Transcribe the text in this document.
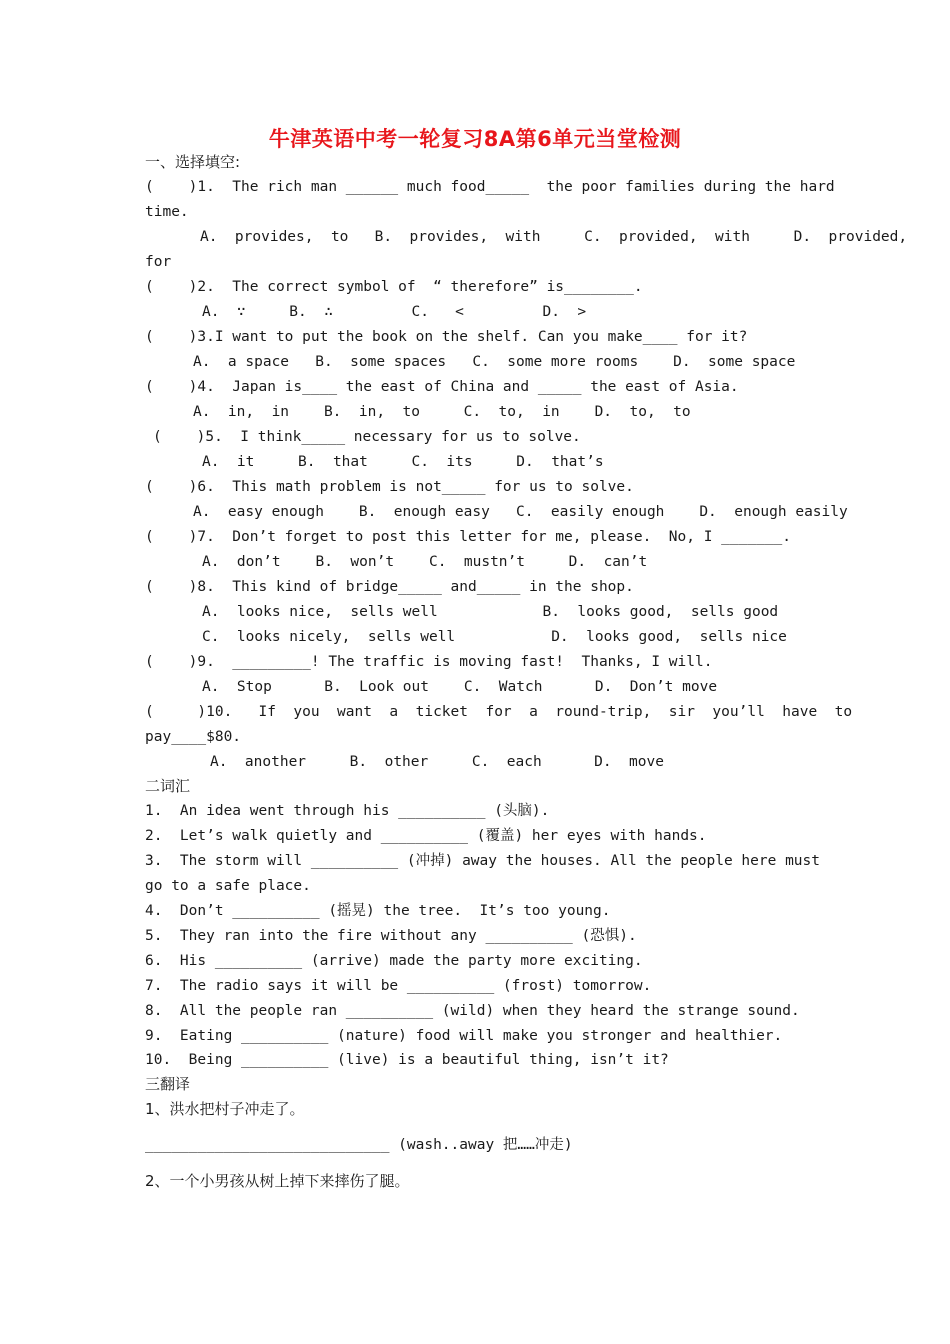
牛津英语中考一轮复习8A第6单元当堂检测
一、选择填空:
(    )1.  The rich man ______ much food_____  the poor families during the hard
time.
A.  provides,  to   B.  provides,  with     C.  provided,  with     D.  provided,
for
(    )2.  The correct symbol of  “ therefore” is________.
A.  ∵     B.  ∴         C.   <         D.  >
(    )3.I want to put the book on the shelf. Can you make____ for it?
A.  a space   B.  some spaces   C.  some more rooms    D.  some space
(    )4.  Japan is____ the east of China and _____ the east of Asia.
A.  in,  in    B.  in,  to     C.  to,  in    D.  to,  to
(    )5.  I think_____ necessary for us to solve.
A.  it     B.  that     C.  its     D.  that’s
(    )6.  This math problem is not_____ for us to solve.
A.  easy enough    B.  enough easy   C.  easily enough    D.  enough easily
(    )7.  Don’t forget to post this letter for me, please.  No, I _______.
A.  don’t    B.  won’t    C.  mustn’t     D.  can’t
(    )8.  This kind of bridge_____ and_____ in the shop.
A.  looks nice,  sells well            B.  looks good,  sells good
C.  looks nicely,  sells well           D.  looks good,  sells nice
(    )9.  _________! The traffic is moving fast!  Thanks, I will.
A.  Stop      B.  Look out    C.  Watch      D.  Don’t move
(     )10.   If  you  want  a  ticket  for  a  round-trip,  sir  you’ll  have  to
pay____$80.
A.  another     B.  other     C.  each      D.  move
二词汇
1.  An idea went through his __________ (头脑).
2.  Let’s walk quietly and __________ (覆盖) her eyes with hands.
3.  The storm will __________ (冲掉) away the houses. All the people here must
go to a safe place.
4.  Don’t __________ (摇晃) the tree.  It’s too young.
5.  They ran into the fire without any __________ (恐惧).
6.  His __________ (arrive) made the party more exciting.
7.  The radio says it will be __________ (frost) tomorrow.
8.  All the people ran __________ (wild) when they heard the strange sound.
9.  Eating __________ (nature) food will make you stronger and healthier.
10.  Being __________ (live) is a beautiful thing, isn’t it?
三翻译
1、洪水把村子冲走了。
____________________________ (wash..away 把……冲走)
2、一个小男孩从树上掉下来摔伤了腿。
